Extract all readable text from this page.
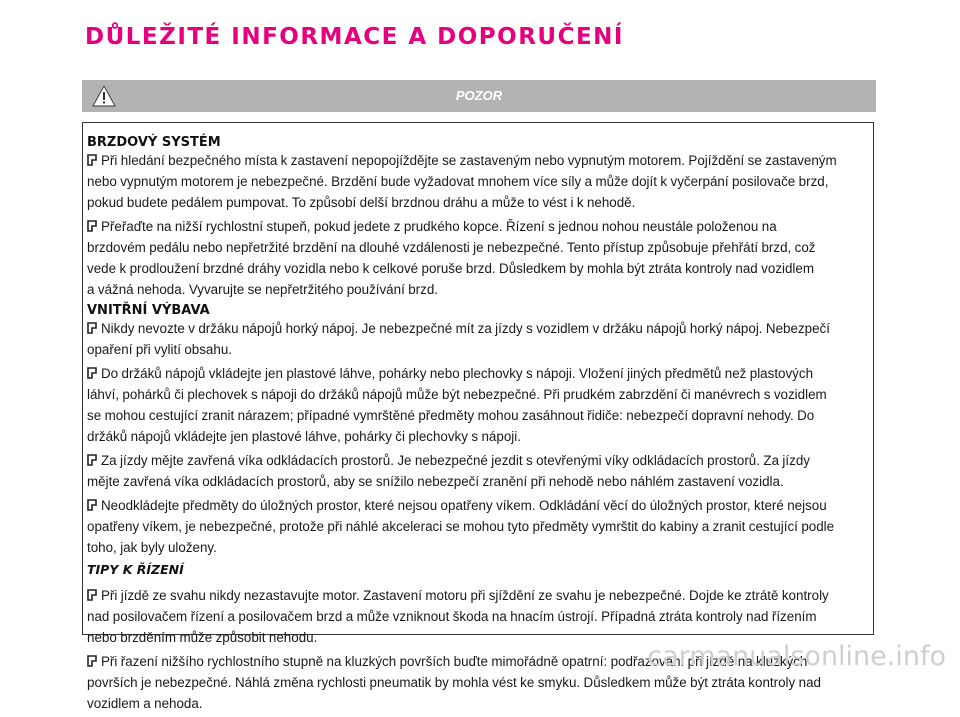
DŮLEŽITÉ INFORMACE A DOPORUČENÍ
POZOR
BRZDOVÝ SYSTÉM

Při hledání bezpečného místa k zastavení nepopojíždějte se zastaveným nebo vypnutým motorem. Pojíždění se zastaveným
nebo vypnutým motorem je nebezpečné. Brzdění bude vyžadovat mnohem více síly a může dojít k vyčerpání posilovače brzd,
pokud budete pedálem pumpovat. To způsobí delší brzdnou dráhu a může to vést i k nehodě.

Přeřaďte na nižší rychlostní stupeň, pokud jedete z prudkého kopce. Řízení s jednou nohou neustále položenou na
brzdovém pedálu nebo nepřetržité brzdění na dlouhé vzdálenosti je nebezpečné. Tento přístup způsobuje přehřátí brzd, což
vede k prodloužení brzdné dráhy vozidla nebo k celkové poruše brzd. Důsledkem by mohla být ztráta kontroly nad vozidlem
a vážná nehoda. Vyvarujte se nepřetržitého používání brzd.

VNITŘNÍ VÝBAVA

Nikdy nevozte v držáku nápojů horký nápoj. Je nebezpečné mít za jízdy s vozidlem v držáku nápojů horký nápoj. Nebezpečí
opaření při vylití obsahu.

Do držáků nápojů vkládejte jen plastové láhve, pohárky nebo plechovky s nápoji. Vložení jiných předmětů než plastových
láhví, pohárků či plechovek s nápoji do držáků nápojů může být nebezpečné. Při prudkém zabrzdění či manévrech s vozidlem
se mohou cestující zranit nárazem; případné vymrštěné předměty mohou zasáhnout řidiče: nebezpečí dopravní nehody. Do
držáků nápojů vkládejte jen plastové láhve, pohárky či plechovky s nápoji.

Za jízdy mějte zavřená víka odkládacích prostorů. Je nebezpečné jezdit s otevřenými víky odkládacích prostorů. Za jízdy
mějte zavřená víka odkládacích prostorů, aby se snížilo nebezpečí zranění při nehodě nebo náhlém zastavení vozidla.

Neodkládejte předměty do úložných prostor, které nejsou opatřeny víkem. Odkládání věcí do úložných prostor, které nejsou
opatřeny víkem, je nebezpečné, protože při náhlé akceleraci se mohou tyto předměty vymrštit do kabiny a zranit cestující podle
toho, jak byly uloženy.

TIPY K ŘÍZENÍ

Při jízdě ze svahu nikdy nezastavujte motor. Zastavení motoru při sjíždění ze svahu je nebezpečné. Dojde ke ztrátě kontroly
nad posilovačem řízení a posilovačem brzd a může vzniknout škoda na hnacím ústrojí. Případná ztráta kontroly nad řízením
nebo brzděním může způsobit nehodu.

Při řazení nižšího rychlostního stupně na kluzkých površích buďte mimořádně opatrní: podřazování při jízdě na kluzkých
površích je nebezpečné. Náhlá změna rychlosti pneumatik by mohla vést ke smyku. Důsledkem může být ztráta kontroly nad
vozidlem a nehoda.

carmanualsonline.info
